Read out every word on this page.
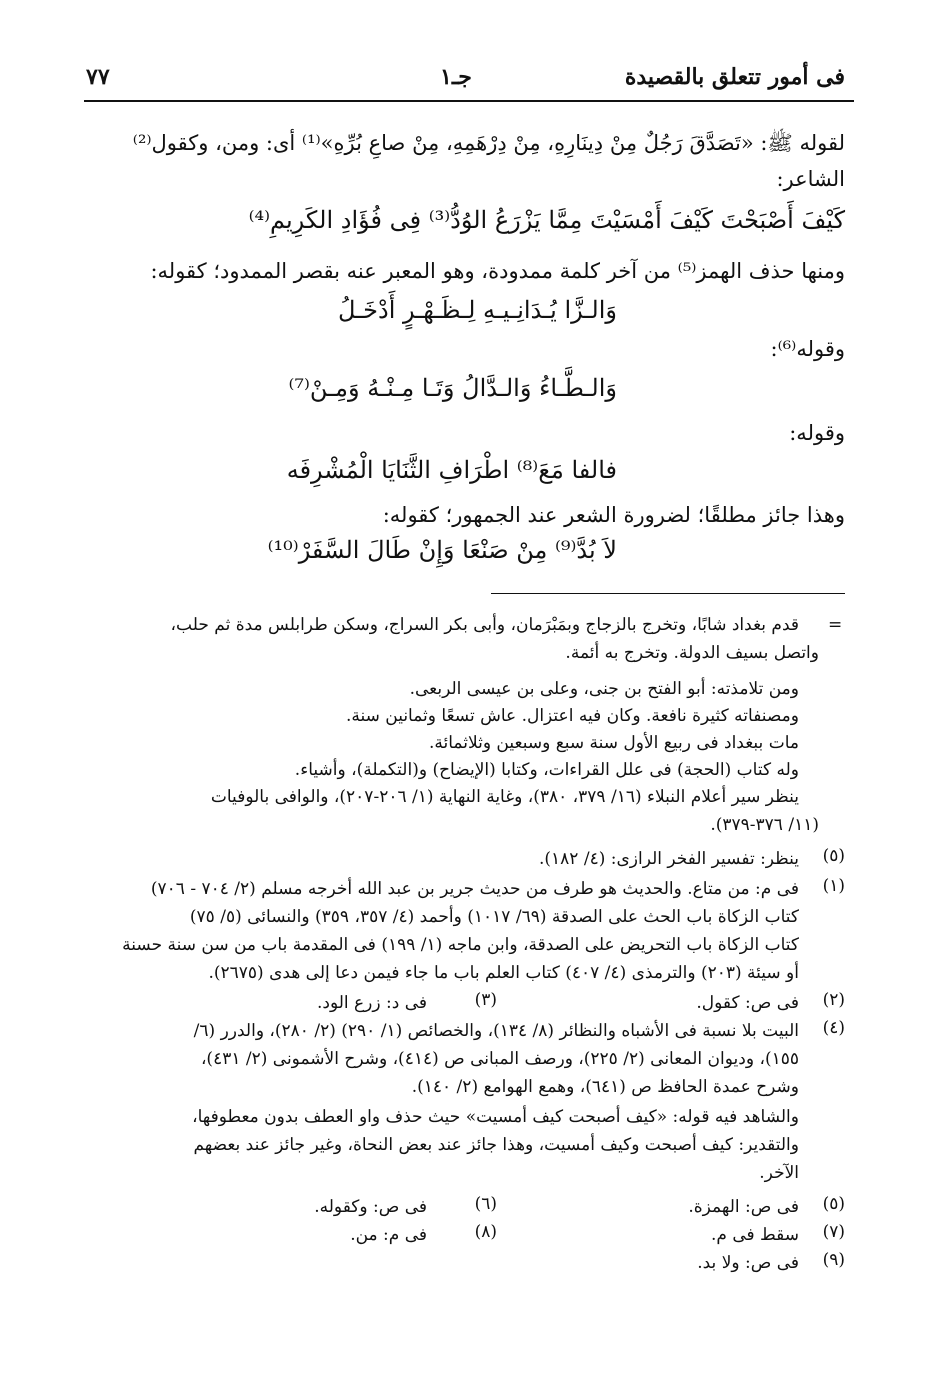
فى أمور تتعلق بالقصيدة
جـ١
٧٧
لقوله ﷺ: «تَصَدَّقَ رَجُلٌ مِنْ دِينَارِهِ، مِنْ دِرْهَمِهِ، مِنْ صاعِ بُرِّهِ»⁽¹⁾ أى: ومن، وكقول⁽²⁾
الشاعر:
كَيْفَ أَصْبَحْتَ كَيْفَ أَمْسَيْتَ مِمَّا يَزْرَعُ الوُدُّ⁽³⁾ فِى فُؤَادِ الكَرِيمِ⁽⁴⁾
ومنها حذف الهمز⁽⁵⁾ من آخر كلمة ممدودة، وهو المعبر عنه بقصر الممدود؛ كقوله:
وَالـزَّا يُـدَانِـيـهِ لِـظَـهْـرٍ أَدْخَـلُ
وقوله⁽⁶⁾:
وَالـطَّـاءُ وَالـدَّالُ وَتَـا مِـنْـهُ وَمِـنْ⁽⁷⁾
وقوله:
فالفا مَعَ⁽⁸⁾ اطْرَافِ الثَّنَايَا الْمُشْرِفَه
وهذا جائز مطلقًا؛ لضرورة الشعر عند الجمهور؛ كقوله:
لاَ بُدَّ⁽⁹⁾ مِنْ صَنْعَا وَإِنْ طَالَ السَّفَرْ⁽¹⁰⁾
=
قدم بغداد شابًا، وتخرج بالزجاج وبمَبْرَمان، وأبى بكر السراج، وسكن طرابلس مدة ثم حلب،
واتصل بسيف الدولة. وتخرج به أئمة.
ومن تلامذته: أبو الفتح بن جنى، وعلى بن عيسى الربعى.
ومصنفاته كثيرة نافعة. وكان فيه اعتزال. عاش تسعًا وثمانين سنة.
مات ببغداد فى ربيع الأول سنة سبع وسبعين وثلاثمائة.
وله كتاب (الحجة) فى علل القراءات، وكتابا (الإيضاح) و(التكملة)، وأشياء.
ينظر سير أعلام النبلاء (١٦/ ٣٧٩، ٣٨٠)، وغاية النهاية (١/ ٢٠٦-٢٠٧)، والوافى بالوفيات
(١١/ ٣٧٦-٣٧٩).
(٥)
ينظر: تفسير الفخر الرازى: (٤/ ١٨٢).
(١)
فى م: من متاع. والحديث هو طرف من حديث جرير بن عبد الله أخرجه مسلم (٢/ ٧٠٤ - ٧٠٦)
كتاب الزكاة باب الحث على الصدقة (٦٩/ ١٠١٧) وأحمد (٤/ ٣٥٧، ٣٥٩) والنسائى (٥/ ٧٥)
كتاب الزكاة باب التحريض على الصدقة، وابن ماجه (١/ ١٩٩) فى المقدمة باب من سن سنة حسنة
أو سيئة (٢٠٣) والترمذى (٤/ ٤٠٧) كتاب العلم باب ما جاء فيمن دعا إلى هدى (٢٦٧٥).
(٢)
فى ص: كقول.
(٣)
فى د: زرع الود.
(٤)
البيت بلا نسبة فى الأشباه والنظائر (٨/ ١٣٤)، والخصائص (١/ ٢٩٠) (٢/ ٢٨٠)، والدرر (٦/
١٥٥)، وديوان المعانى (٢/ ٢٢٥)، ورصف المبانى ص (٤١٤)، وشرح الأشمونى (٢/ ٤٣١)،
وشرح عمدة الحافظ ص (٦٤١)، وهمع الهوامع (٢/ ١٤٠).
والشاهد فيه قوله: «كيف أصبحت كيف أمسيت» حيث حذف واو العطف بدون معطوفها،
والتقدير: كيف أصبحت وكيف أمسيت، وهذا جائز عند بعض النحاة، وغير جائز عند بعضهم
الآخر.
(٥)
فى ص: الهمزة.
(٦)
فى ص: وكقوله.
(٧)
سقط فى م.
(٨)
فى م: من.
(٩)
فى ص: ولا بد.
